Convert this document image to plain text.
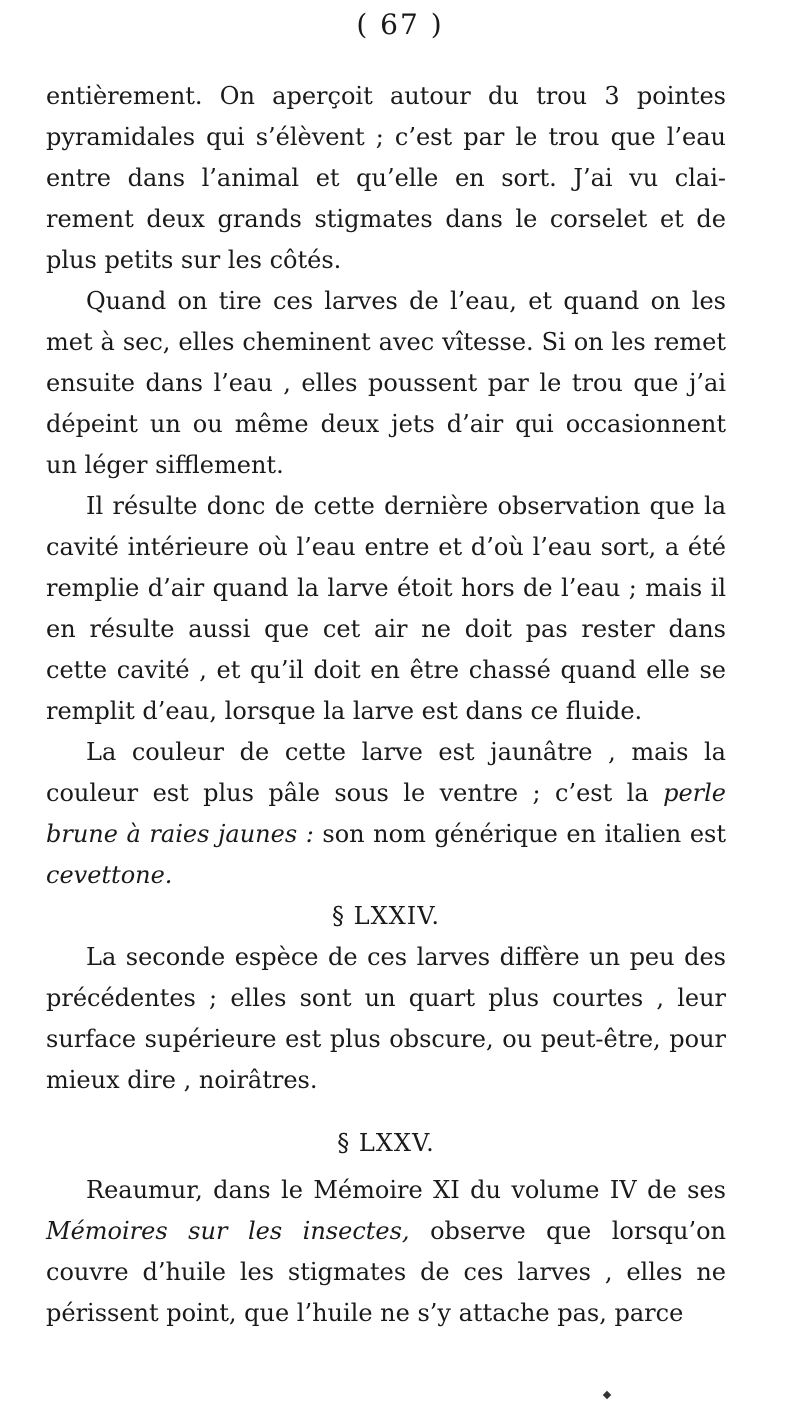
( 67 )

entièrement. On aperçoit autour du trou 3 pointes pyramidales qui s’élèvent ; c’est par le trou que l’eau entre dans l’animal et qu’elle en sort. J’ai vu clai- rement deux grands stigmates dans le corselet et de plus petits sur les côtés.

Quand on tire ces larves de l’eau, et quand on les met à sec, elles cheminent avec vîtesse. Si on les remet ensuite dans l’eau , elles poussent par le trou que j’ai dépeint un ou même deux jets d’air qui occasionnent un léger sifflement.

Il résulte donc de cette dernière observation que la cavité intérieure où l’eau entre et d’où l’eau sort, a été remplie d’air quand la larve étoit hors de l’eau ; mais il en résulte aussi que cet air ne doit pas rester dans cette cavité , et qu’il doit en être chassé quand elle se remplit d’eau, lorsque la larve est dans ce fluide.

La couleur de cette larve est jaunâtre , mais la couleur est plus pâle sous le ventre ; c’est la perle brune à raies jaunes : son nom générique en italien est cevettone.

§ LXXIV.

La seconde espèce de ces larves diffère un peu des précédentes ; elles sont un quart plus courtes , leur surface supérieure est plus obscure, ou peut-être, pour mieux dire , noirâtres.

§ LXXV.

Reaumur, dans le Mémoire XI du volume IV de ses Mémoires sur les insectes, observe que lorsqu’on couvre d’huile les stigmates de ces larves , elles ne périssent point, que l’huile ne s’y attache pas, parce
